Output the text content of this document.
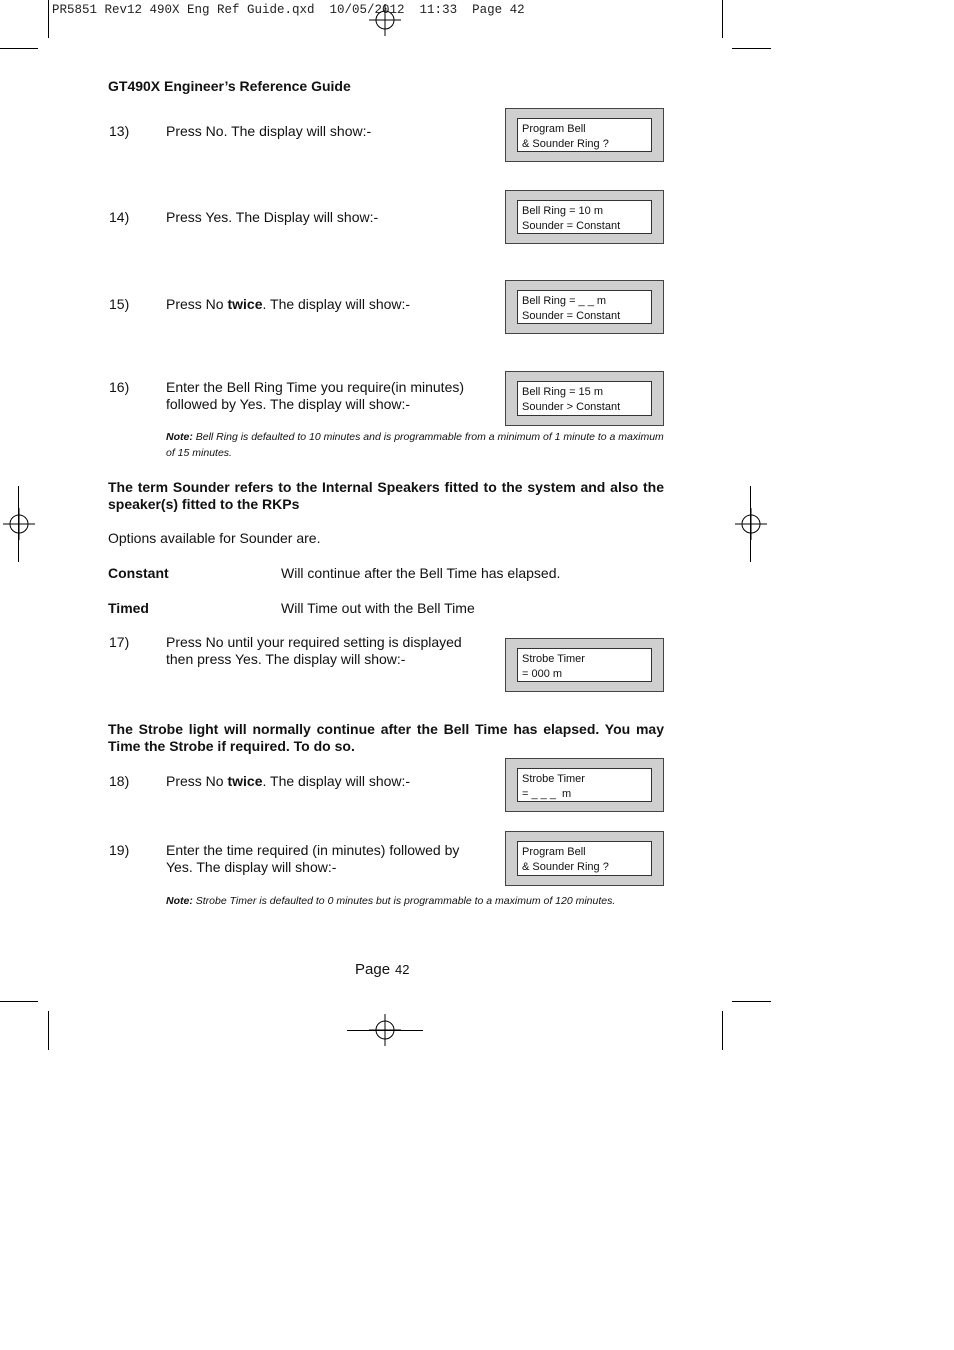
PR5851 Rev12 490X Eng Ref Guide.qxd  10/05/2012  11:33  Page 42
GT490X Engineer’s Reference Guide
13)	Press No. The display will show:-	Program Bell
& Sounder Ring ?
14)	Press Yes. The Display will show:-	Bell Ring = 10 m
Sounder = Constant
15)	Press No twice. The display will show:-	Bell Ring = _ _ m
Sounder = Constant
16)	Enter the Bell Ring Time you require(in minutes) followed by Yes. The display will show:-
Bell Ring = 15 m
Sounder > Constant
Note: Bell Ring is defaulted to 10 minutes and is programmable from a minimum of 1 minute to a maximum of 15 minutes.
The term Sounder refers to the Internal Speakers fitted to the system and also the speaker(s) fitted to the RKPs
Options available for Sounder are.
Constant	Will continue after the Bell Time has elapsed.
Timed	Will Time out with the Bell Time
17)	Press No until your required setting is displayed then press Yes. The display will show:-	Strobe Timer
= 000 m
The Strobe light will normally continue after the Bell Time has elapsed. You may Time the Strobe if required. To do so.
18)	Press No twice. The display will show:-	Strobe Timer
= _ _ _  m
19)	Enter the time required (in minutes) followed by Yes. The display will show:-
Program Bell
& Sounder Ring ?
Note: Strobe Timer is defaulted to 0 minutes but is programmable to a maximum of 120 minutes.
Page 42
